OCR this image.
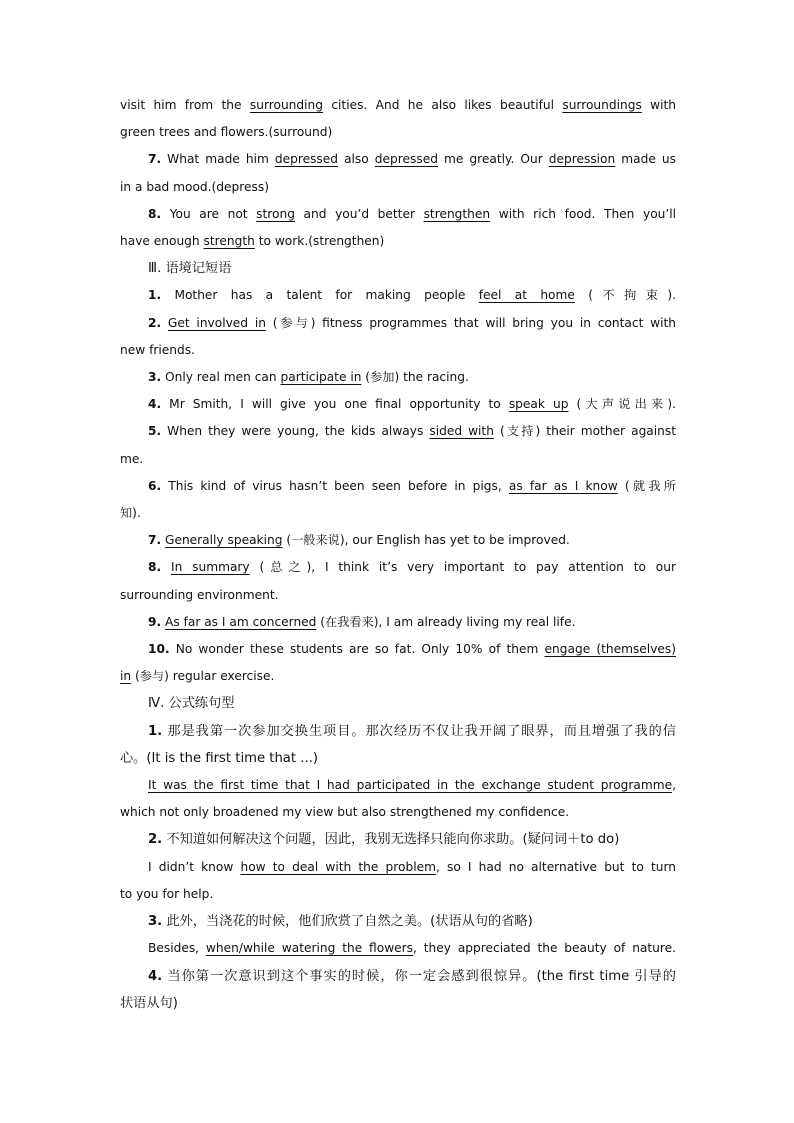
visit him from the surrounding cities. And he also likes beautiful surroundings with

green trees and flowers.(surround)

7. What made him depressed also depressed me greatly. Our depression made us

in a bad mood.(depress)

8. You are not strong and you’d better strengthen with rich food. Then you’ll

have enough strength to work.(strengthen)

Ⅲ. 语境记短语

1. Mother has a talent for making people feel at home (不拘束).

2. Get involved in (参与) fitness programmes that will bring you in contact with

new friends.

3. Only real men can participate in (参加) the racing.

4. Mr Smith, I will give you one final opportunity to speak up (大声说出来).

5. When they were young, the kids always sided with (支持) their mother against

me.

6. This kind of virus hasn’t been seen before in pigs, as far as I know (就我所

知).

7. Generally speaking (一般来说), our English has yet to be improved.

8. In summary (总之), I think it’s very important to pay attention to our

surrounding environment.

9. As far as I am concerned (在我看来), I am already living my real life.

10. No wonder these students are so fat. Only 10% of them engage (themselves)

in (参与) regular exercise.

Ⅳ. 公式练句型

1. 那是我第一次参加交换生项目。那次经历不仅让我开阔了眼界，而且增强了我的信

心。(It is the first time that ...)

It was the first time that I had participated in the exchange student programme,

which not only broadened my view but also strengthened my confidence.

2. 不知道如何解决这个问题，因此，我别无选择只能向你求助。(疑问词＋to do)

I didn’t know how to deal with the problem, so I had no alternative but to turn

to you for help.

3. 此外，当浇花的时候，他们欣赏了自然之美。(状语从句的省略)

Besides, when/while watering the flowers, they appreciated the beauty of nature.

4. 当你第一次意识到这个事实的时候，你一定会感到很惊异。(the first time 引导的

状语从句)
